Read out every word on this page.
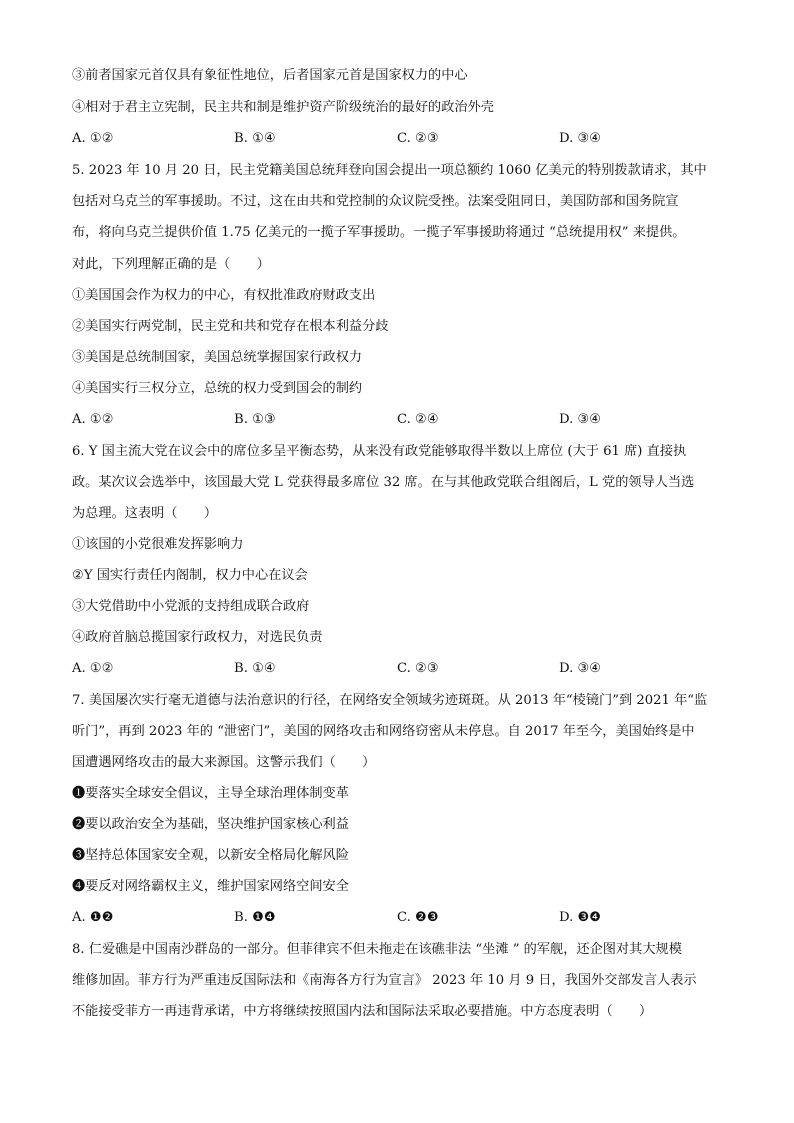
③前者国家元首仅具有象征性地位，后者国家元首是国家权力的中心
④相对于君主立宪制，民主共和制是维护资产阶级统治的最好的政治外壳
A. ①②	B. ①④	C. ②③	D. ③④
5. 2023 年 10 月 20 日，民主党籍美国总统拜登向国会提出一项总额约 1060 亿美元的特别拨款请求，其中
包括对乌克兰的军事援助。不过，这在由共和党控制的众议院受挫。法案受阻同日，美国防部和国务院宣
布，将向乌克兰提供价值 1.75 亿美元的一揽子军事援助。一揽子军事援助将通过 “总统提用权” 来提供。
对此，下列理解正确的是（　　）
①美国国会作为权力的中心，有权批准政府财政支出
②美国实行两党制，民主党和共和党存在根本利益分歧
③美国是总统制国家，美国总统掌握国家行政权力
④美国实行三权分立，总统的权力受到国会的制约
A. ①②	B. ①③	C. ②④	D. ③④
6. Y 国主流大党在议会中的席位多呈平衡态势，从来没有政党能够取得半数以上席位 (大于 61 席) 直接执
政。某次议会选举中，该国最大党 L 党获得最多席位 32 席。在与其他政党联合组阁后，L 党的领导人当选
为总理。这表明（　　）
①该国的小党很难发挥影响力
②Y 国实行责任内阁制，权力中心在议会
③大党借助中小党派的支持组成联合政府
④政府首脑总揽国家行政权力，对选民负责
A. ①②	B. ①④	C. ②③	D. ③④
7. 美国屡次实行毫无道德与法治意识的行径，在网络安全领域劣迹斑斑。从 2013 年“棱镜门”到 2021 年“监
听门”，再到 2023 年的 “泄密门”，美国的网络攻击和网络窃密从未停息。自 2017 年至今，美国始终是中
国遭遇网络攻击的最大来源国。这警示我们（　　）
❶要落实全球安全倡议，主导全球治理体制变革
❷要以政治安全为基础，坚决维护国家核心利益
❸坚持总体国家安全观，以新安全格局化解风险
❹要反对网络霸权主义，维护国家网络空间安全
A. ❶❷	B. ❶❹	C. ❷❸	D. ❸❹
8. 仁爱礁是中国南沙群岛的一部分。但菲律宾不但未拖走在该礁非法 “坐滩 ” 的军舰，还企图对其大规模
维修加固。菲方行为严重违反国际法和《南海各方行为宣言》 2023 年 10 月 9 日，我国外交部发言人表示
不能接受菲方一再违背承诺，中方将继续按照国内法和国际法采取必要措施。中方态度表明（　　）
